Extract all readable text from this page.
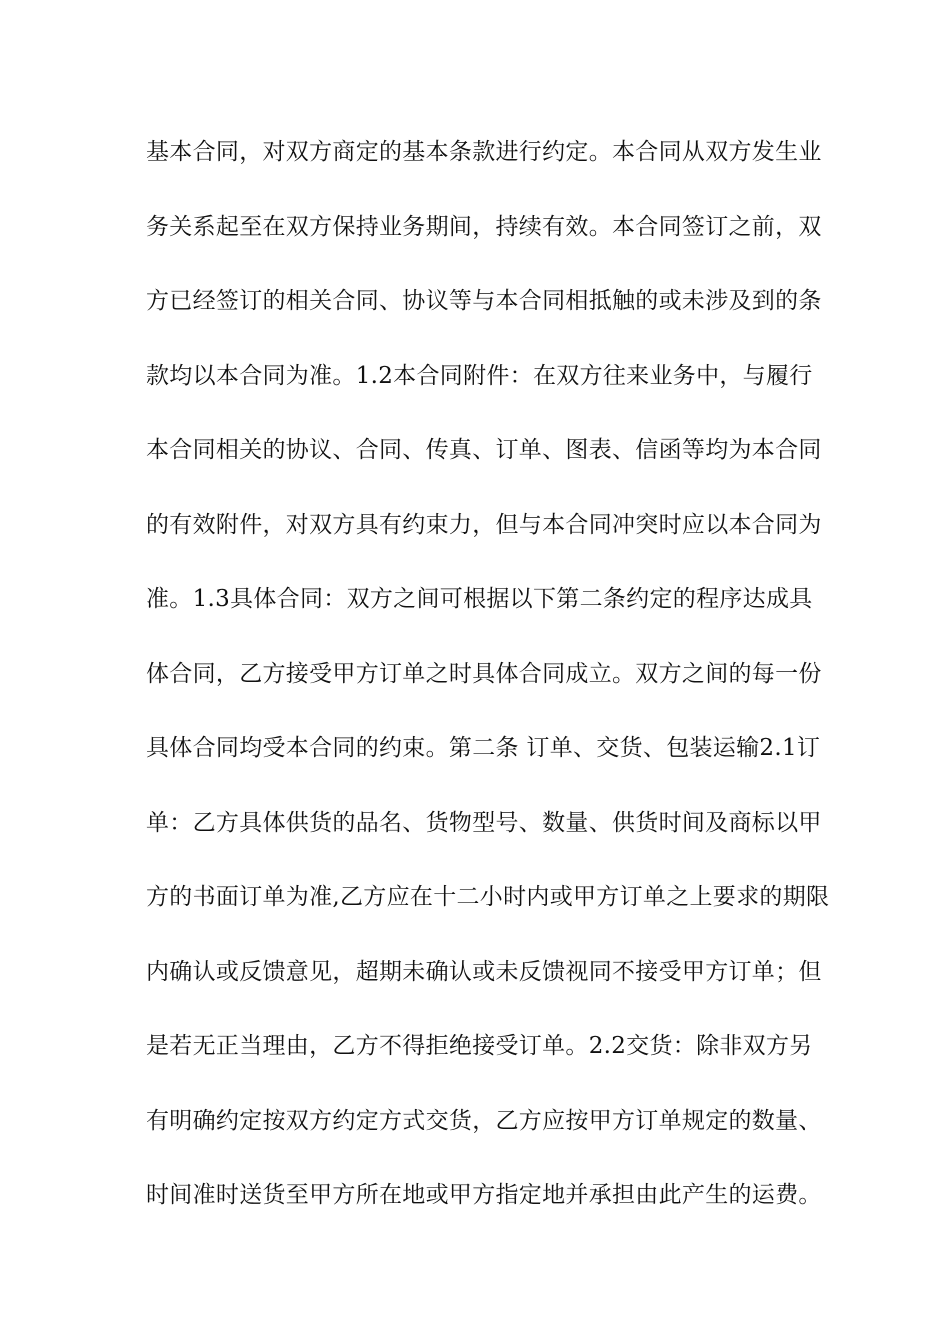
基本合同，对双方商定的基本条款进行约定。本合同从双方发生业
务关系起至在双方保持业务期间，持续有效。本合同签订之前，双
方已经签订的相关合同、协议等与本合同相抵触的或未涉及到的条
款均以本合同为准。1.2本合同附件：在双方往来业务中，与履行
本合同相关的协议、合同、传真、订单、图表、信函等均为本合同
的有效附件，对双方具有约束力，但与本合同冲突时应以本合同为
准。1.3具体合同：双方之间可根据以下第二条约定的程序达成具
体合同，乙方接受甲方订单之时具体合同成立。双方之间的每一份
具体合同均受本合同的约束。第二条 订单、交货、包装运输2.1订
单：乙方具体供货的品名、货物型号、数量、供货时间及商标以甲
方的书面订单为准,乙方应在十二小时内或甲方订单之上要求的期限
内确认或反馈意见，超期未确认或未反馈视同不接受甲方订单；但
是若无正当理由，乙方不得拒绝接受订单。2.2交货：除非双方另
有明确约定按双方约定方式交货，乙方应按甲方订单规定的数量、
时间准时送货至甲方所在地或甲方指定地并承担由此产生的运费。
